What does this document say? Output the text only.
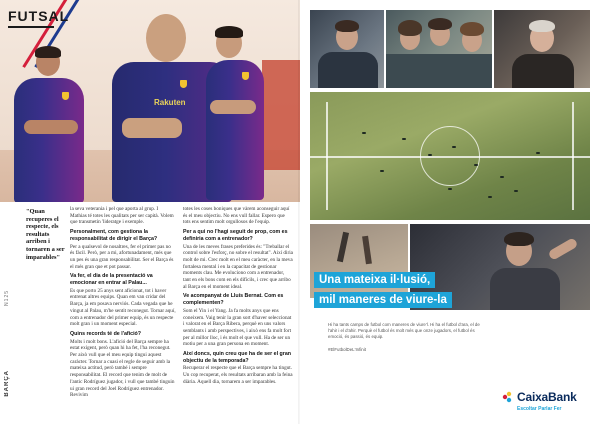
Rakuten
FUTSAL
N125
BARÇA
"Quan recuperes el respecte, els resultats arriben i tornaren a ser imparables"

la seva veterania i pel que aporta al grup. I Mathias té totes les qualitats per ser capità. Volem que transmetin 'lideratge i exemple.

Personalment, com gestiona la responsabilitat de dirigir el Barça?

Per a qualsevol de nosaltres, fer el primer pas no és fàcil. Però, per a mi, afortunadament, més que un pes és una gran responsabilitat. Ser el Barça és el més gran que et pot passar.

Va fer, el dia de la presentació va emocionar en entrar al Palau...

Es que porto 25 anys sent aficionat, tot i haver entrenat altres equips. Quan em van cridar del Barça, ja em posava nerviós. Cada vegada que he vingut al Palau, m'he sentit reconegut. Tornar aquí, com a entrenador del primer equip, és un respecte molt gran i un moment especial.

Quins records té de l'afició?

Molts i molt bons. L'afició del Barça sempre ha estat exigent, però quan hi ha fet, l'ha reconegut. Per això vull que el meu equip tingui aquest caràcter. Tornar a cuasi el regle de seguir amb la mateixa actitud, però també i sempre responsabilitat. El record que tenim de molt de l'antic Rodríguez jugador, i vull que també tinguin ui gran record del Joel Rodríguez entrenador. Revivim

totes les coses boniques que vàrem aconseguir aquí és el meu objectiu. No ens vull fallar. Espero que tots ens sentim molt orgullosos de l'equip.

Per a qui no l'hagi seguit de prop, com es definiria com a entrenador?

Una de les meves frases preferides és: "Treballar el control sobre l'esforç, no sobre el resultat". Així diria molt de mi. Crec molt en el meu caràcter, en la meva fortalesa mental i en la capacitat de gestionar moments clau. Me evoluciono com a entrenador, tant en els bons com en els difícils, i crec que arribo al Barça en el moment ideal.

Ve acompanyat de Lluís Bernat. Com es complementen?

Som el Yin i el Yang. Ja fa molts anys que ens coneixem. Vaig tenir la gran sort d'haver seleccionat i valorat en el Barça Ribera, perquè en uns valors semblants i amb perspectives, i això ens fa molt fort per al millor lloc, i és molt el que vull. Ha de ser un motiu per a una gran persona en moment.

Així doncs, quin creu que ha de ser el gran objectiu de la temporada?

Recuperar el respecte que el Barça sempre ha tingut. Un cop recuperat, els resultats arribaran amb la feina diària. Aquell dia, tornarem a ser imparables.

Una mateixa il·lusió,
mil maneres de viure-la
Hi ha tants camps de futbol com maneres de viure'l. Hi ha el futbol d'ara, el de l'ahir i el d'ahir. Perquè el futbol és molt més que onze jugadors, el futbol és emoció, és passió, és equip.
#ElFutbolDeL'Infinit
CaixaBank
Escoltar Parlar Fer
